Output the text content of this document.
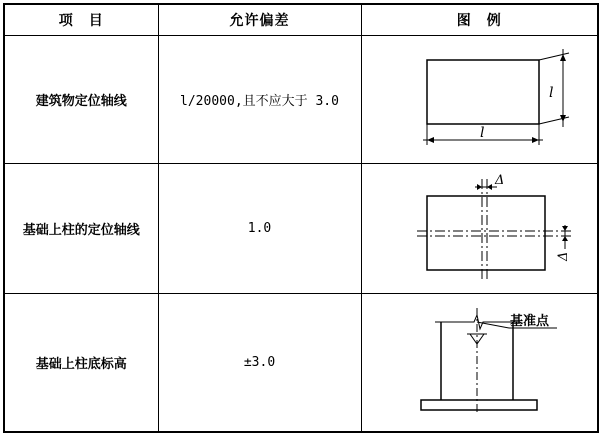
项　目	允许偏差	图　例
建筑物定位轴线	l/20000,且不应大于 3.0	l
l

基础上柱的定位轴线	1.0	Δ
Δ

基础上柱底标高	±3.0	基准点
